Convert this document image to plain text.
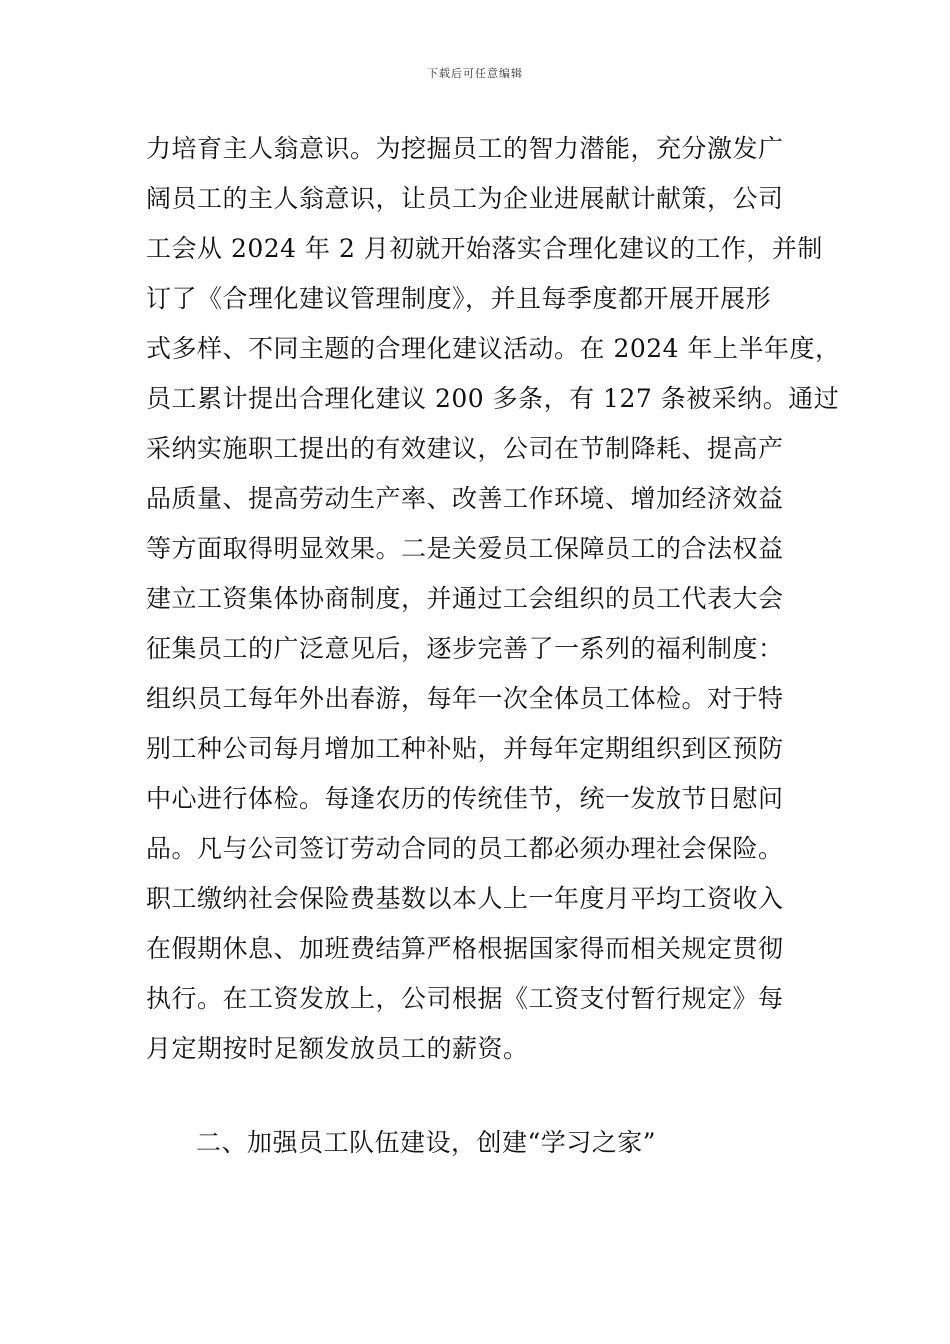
下载后可任意编辑
力培育主人翁意识。为挖掘员工的智力潜能，充分激发广
阔员工的主人翁意识，让员工为企业进展献计献策，公司
工会从 2024 年 2 月初就开始落实合理化建议的工作，并制
订了《合理化建议管理制度》，并且每季度都开展开展形
式多样、不同主题的合理化建议活动。在 2024 年上半年度，
员工累计提出合理化建议 200 多条，有 127 条被采纳。通过
采纳实施职工提出的有效建议，公司在节制降耗、提高产
品质量、提高劳动生产率、改善工作环境、增加经济效益
等方面取得明显效果。二是关爱员工保障员工的合法权益
建立工资集体协商制度，并通过工会组织的员工代表大会
征集员工的广泛意见后，逐步完善了一系列的福利制度：
组织员工每年外出春游，每年一次全体员工体检。对于特
别工种公司每月增加工种补贴，并每年定期组织到区预防
中心进行体检。每逢农历的传统佳节，统一发放节日慰问
品。凡与公司签订劳动合同的员工都必须办理社会保险。
职工缴纳社会保险费基数以本人上一年度月平均工资收入
在假期休息、加班费结算严格根据国家得而相关规定贯彻
执行。在工资发放上，公司根据《工资支付暂行规定》每
月定期按时足额发放员工的薪资。
二、加强员工队伍建设，创建“学习之家”
